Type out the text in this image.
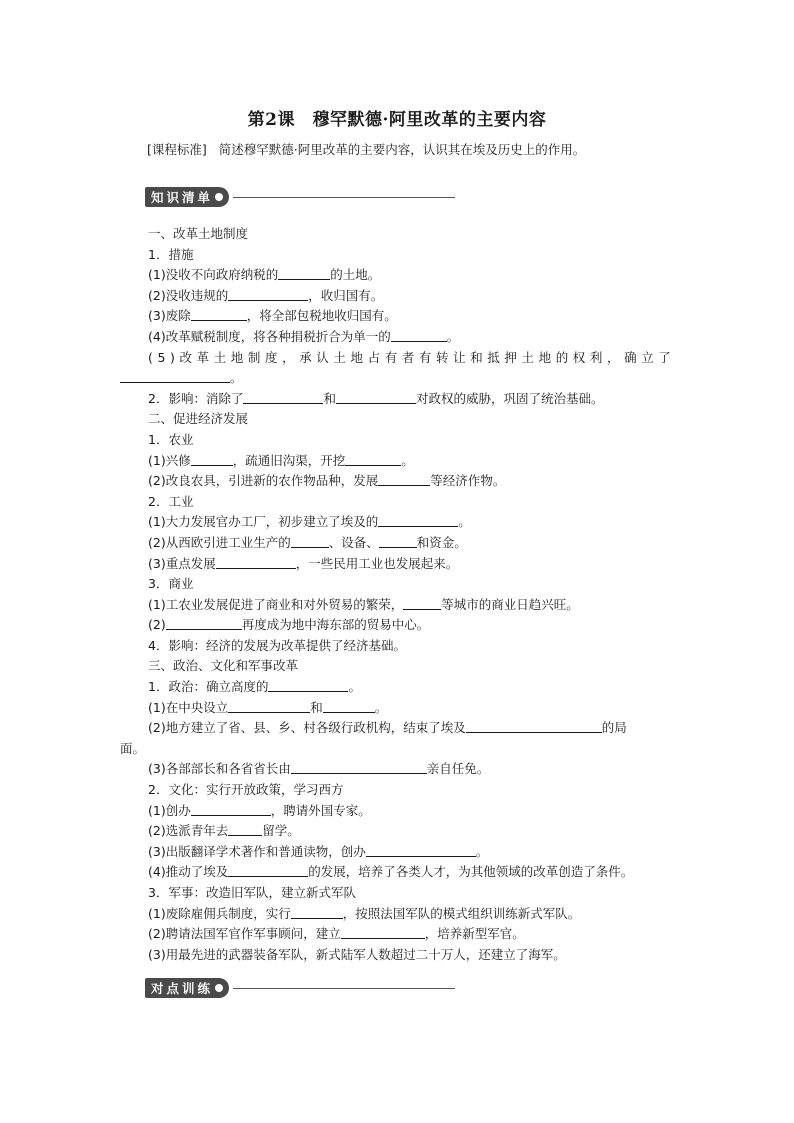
第2课　穆罕默德·阿里改革的主要内容
[课程标准] 简述穆罕默德·阿里改革的主要内容，认识其在埃及历史上的作用。
知识清单
一、改革土地制度
1．措施
(1)没收不向政府纳税的	的土地。
(2)没收违规的	，收归国有。
(3)废除	，将全部包税地收归国有。
(4)改革赋税制度，将各种捐税折合为单一的	。
(5)改革土地制度，承认土地占有者有转让和抵押土地的权利，确立了
。
2．影响：消除了	和	对政权的威胁，巩固了统治基础。
二、促进经济发展
1．农业
(1)兴修	，疏通旧沟渠，开挖	。
(2)改良农具，引进新的农作物品种，发展	等经济作物。
2．工业
(1)大力发展官办工厂，初步建立了埃及的	。
(2)从西欧引进工业生产的	、设备、	和资金。
(3)重点发展	，一些民用工业也发展起来。
3．商业
(1)工农业发展促进了商业和对外贸易的繁荣，	等城市的商业日趋兴旺。
(2)	再度成为地中海东部的贸易中心。
4．影响：经济的发展为改革提供了经济基础。
三、政治、文化和军事改革
1．政治：确立高度的	。
(1)在中央设立	和	。
(2)地方建立了省、县、乡、村各级行政机构，结束了埃及	的局
面。
(3)各部部长和各省省长由	亲自任免。
2．文化：实行开放政策，学习西方
(1)创办	，聘请外国专家。
(2)选派青年去	留学。
(3)出版翻译学术著作和普通读物，创办	。
(4)推动了埃及	的发展，培养了各类人才，为其他领域的改革创造了条件。
3．军事：改造旧军队，建立新式军队
(1)废除雇佣兵制度，实行	，按照法国军队的模式组织训练新式军队。
(2)聘请法国军官作军事顾问，建立	，培养新型军官。
(3)用最先进的武器装备军队，新式陆军人数超过二十万人，还建立了海军。
对点训练
